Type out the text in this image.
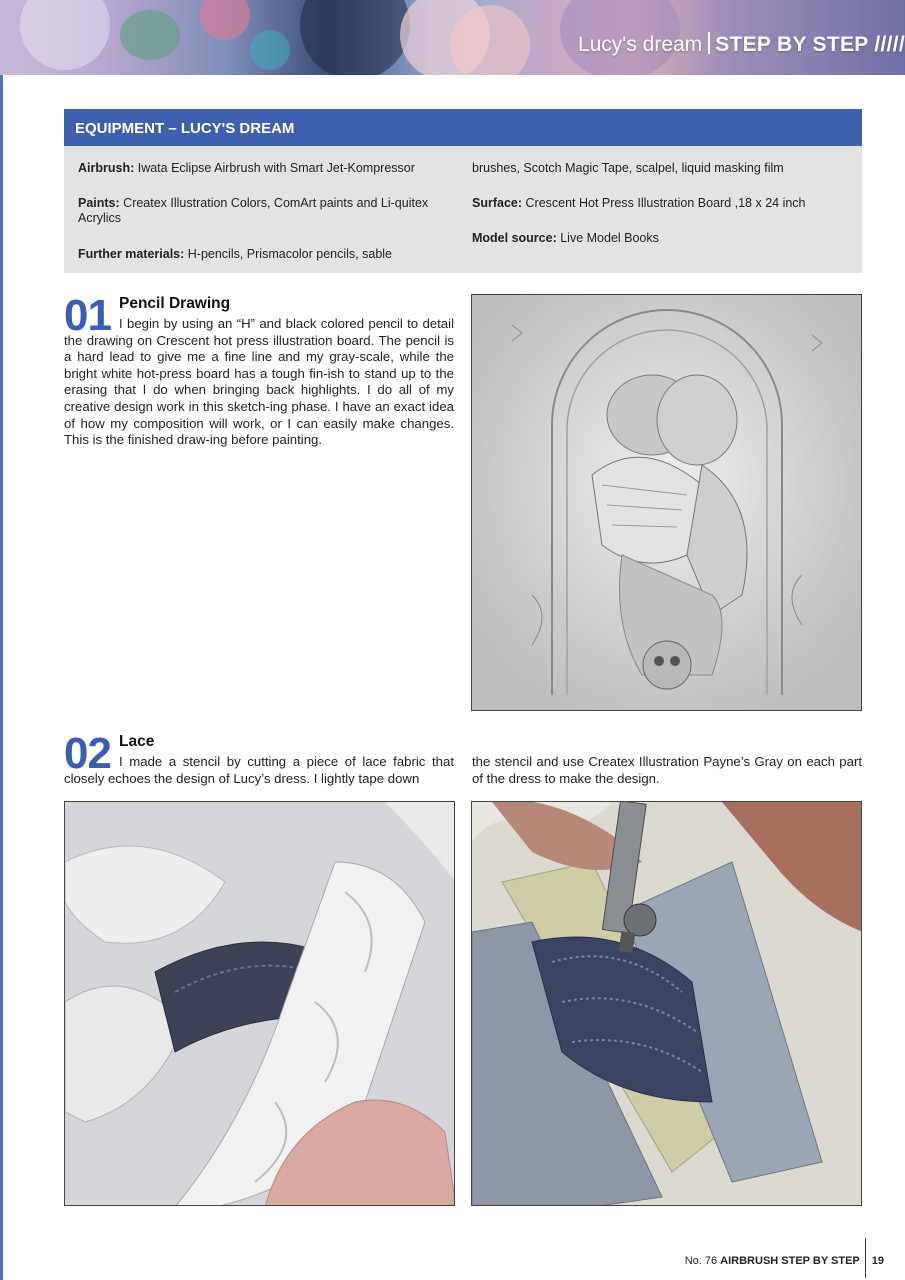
Lucy's dream STEP BY STEP /////
EQUIPMENT – LUCY'S DREAM

Airbrush: Iwata Eclipse Airbrush with Smart Jet-Kompressor

Paints: Createx Illustration Colors, ComArt paints and Li-quitex Acrylics

Further materials: H-pencils, Prismacolor pencils, sable

brushes, Scotch Magic Tape, scalpel, liquid masking film

Surface: Crescent Hot Press Illustration Board ,18 x 24 inch

Model source: Live Model Books

01 Pencil Drawing
I begin by using an “H” and black colored pencil to detail the drawing on Crescent hot press illustration board. The pencil is a hard lead to give me a fine line and my gray-scale, while the bright white hot-press board has a tough fin-ish to stand up to the erasing that I do when bringing back highlights. I do all of my creative design work in this sketch-ing phase. I have an exact idea of how my composition will work, or I can easily make changes. This is the finished draw-ing before painting.
02 Lace
I made a stencil by cutting a piece of lace fabric that closely echoes the design of Lucy’s dress. I lightly tape down
the stencil and use Createx Illustration Payne’s Gray on each part of the dress to make the design.
No. 76 AIRBRUSH STEP BY STEP 19
